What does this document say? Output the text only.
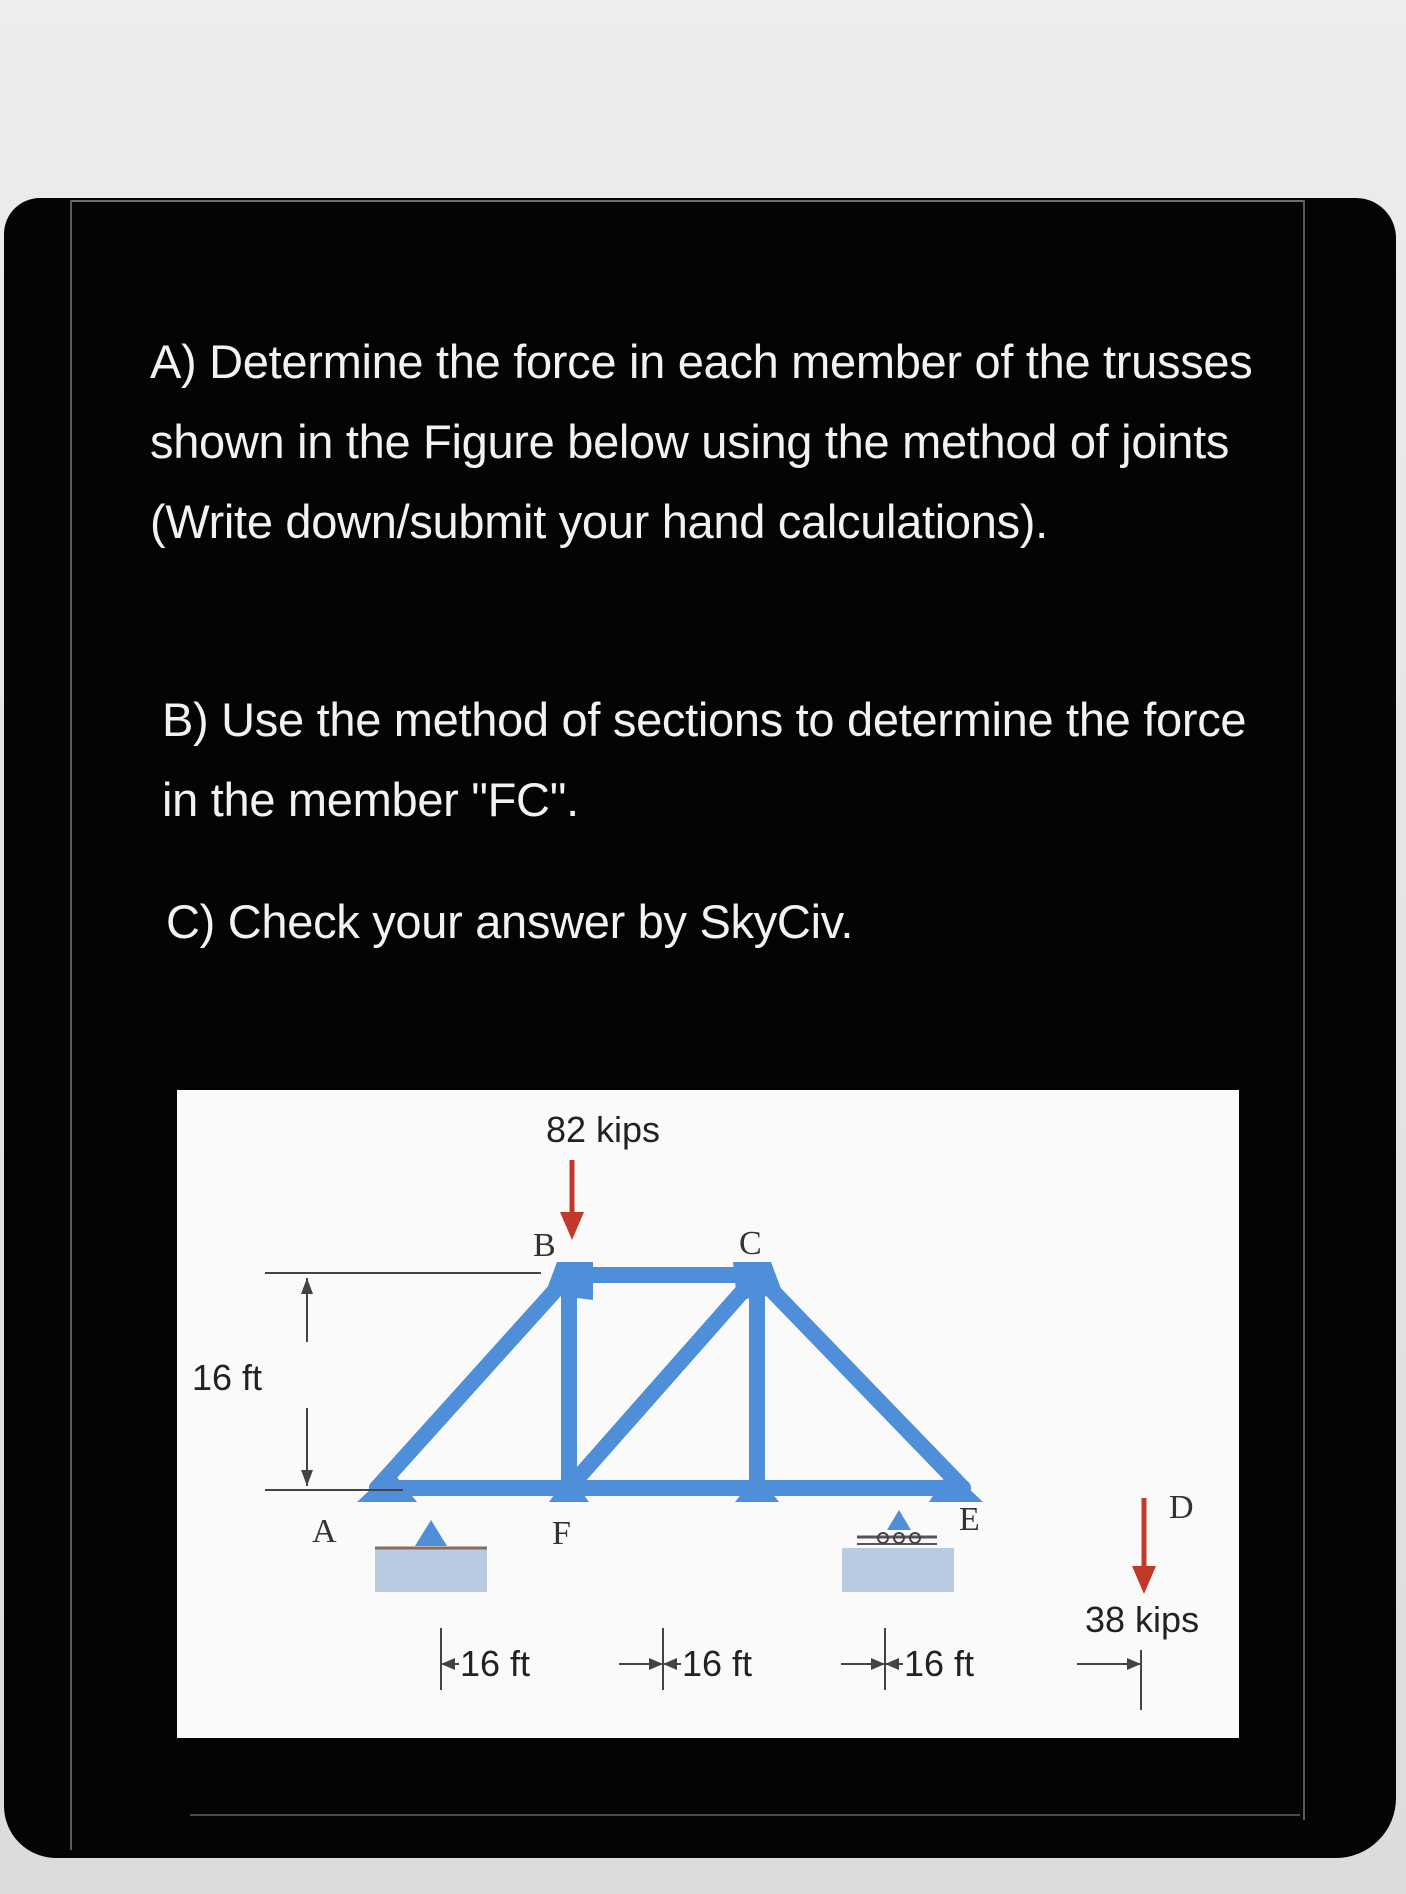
A) Determine the force in each member of the trusses shown in the Figure below using the method of joints (Write down/submit your hand calculations).

B) Use the method of sections to determine the force in the member "FC".

C) Check your answer by SkyCiv.

B	C
A	F	E	D
82 kips
38 kips
16 ft
16 ft	16 ft	16 ft
